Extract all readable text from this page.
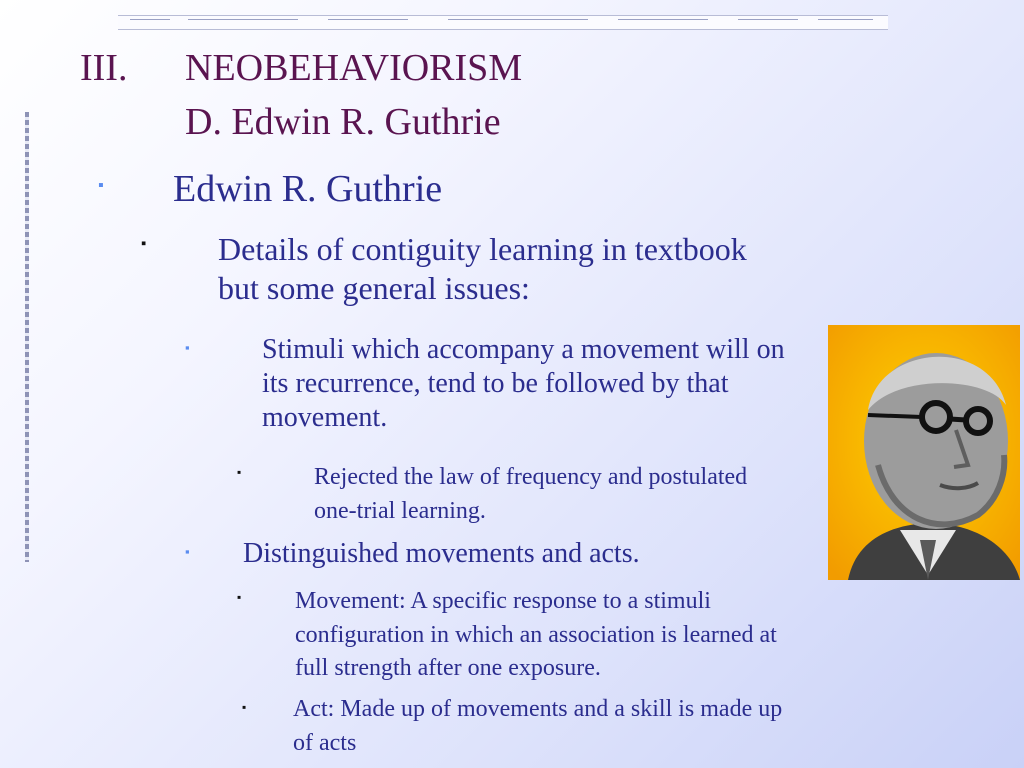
III. NEOBEHAVIORISM
D. Edwin R. Guthrie
▪ Edwin R. Guthrie
▪ Details of contiguity learning in textbook but some general issues:
▪	Stimuli which accompany a movement will on its recurrence, tend to be followed by that movement.
▪	Rejected the law of frequency and postulated one-trial learning.
▪ Distinguished movements and acts.
▪ Movement: A specific response to a stimuli configuration in which an association is learned at full strength after one exposure.
▪ Act: Made up of movements and a skill is made up of acts
